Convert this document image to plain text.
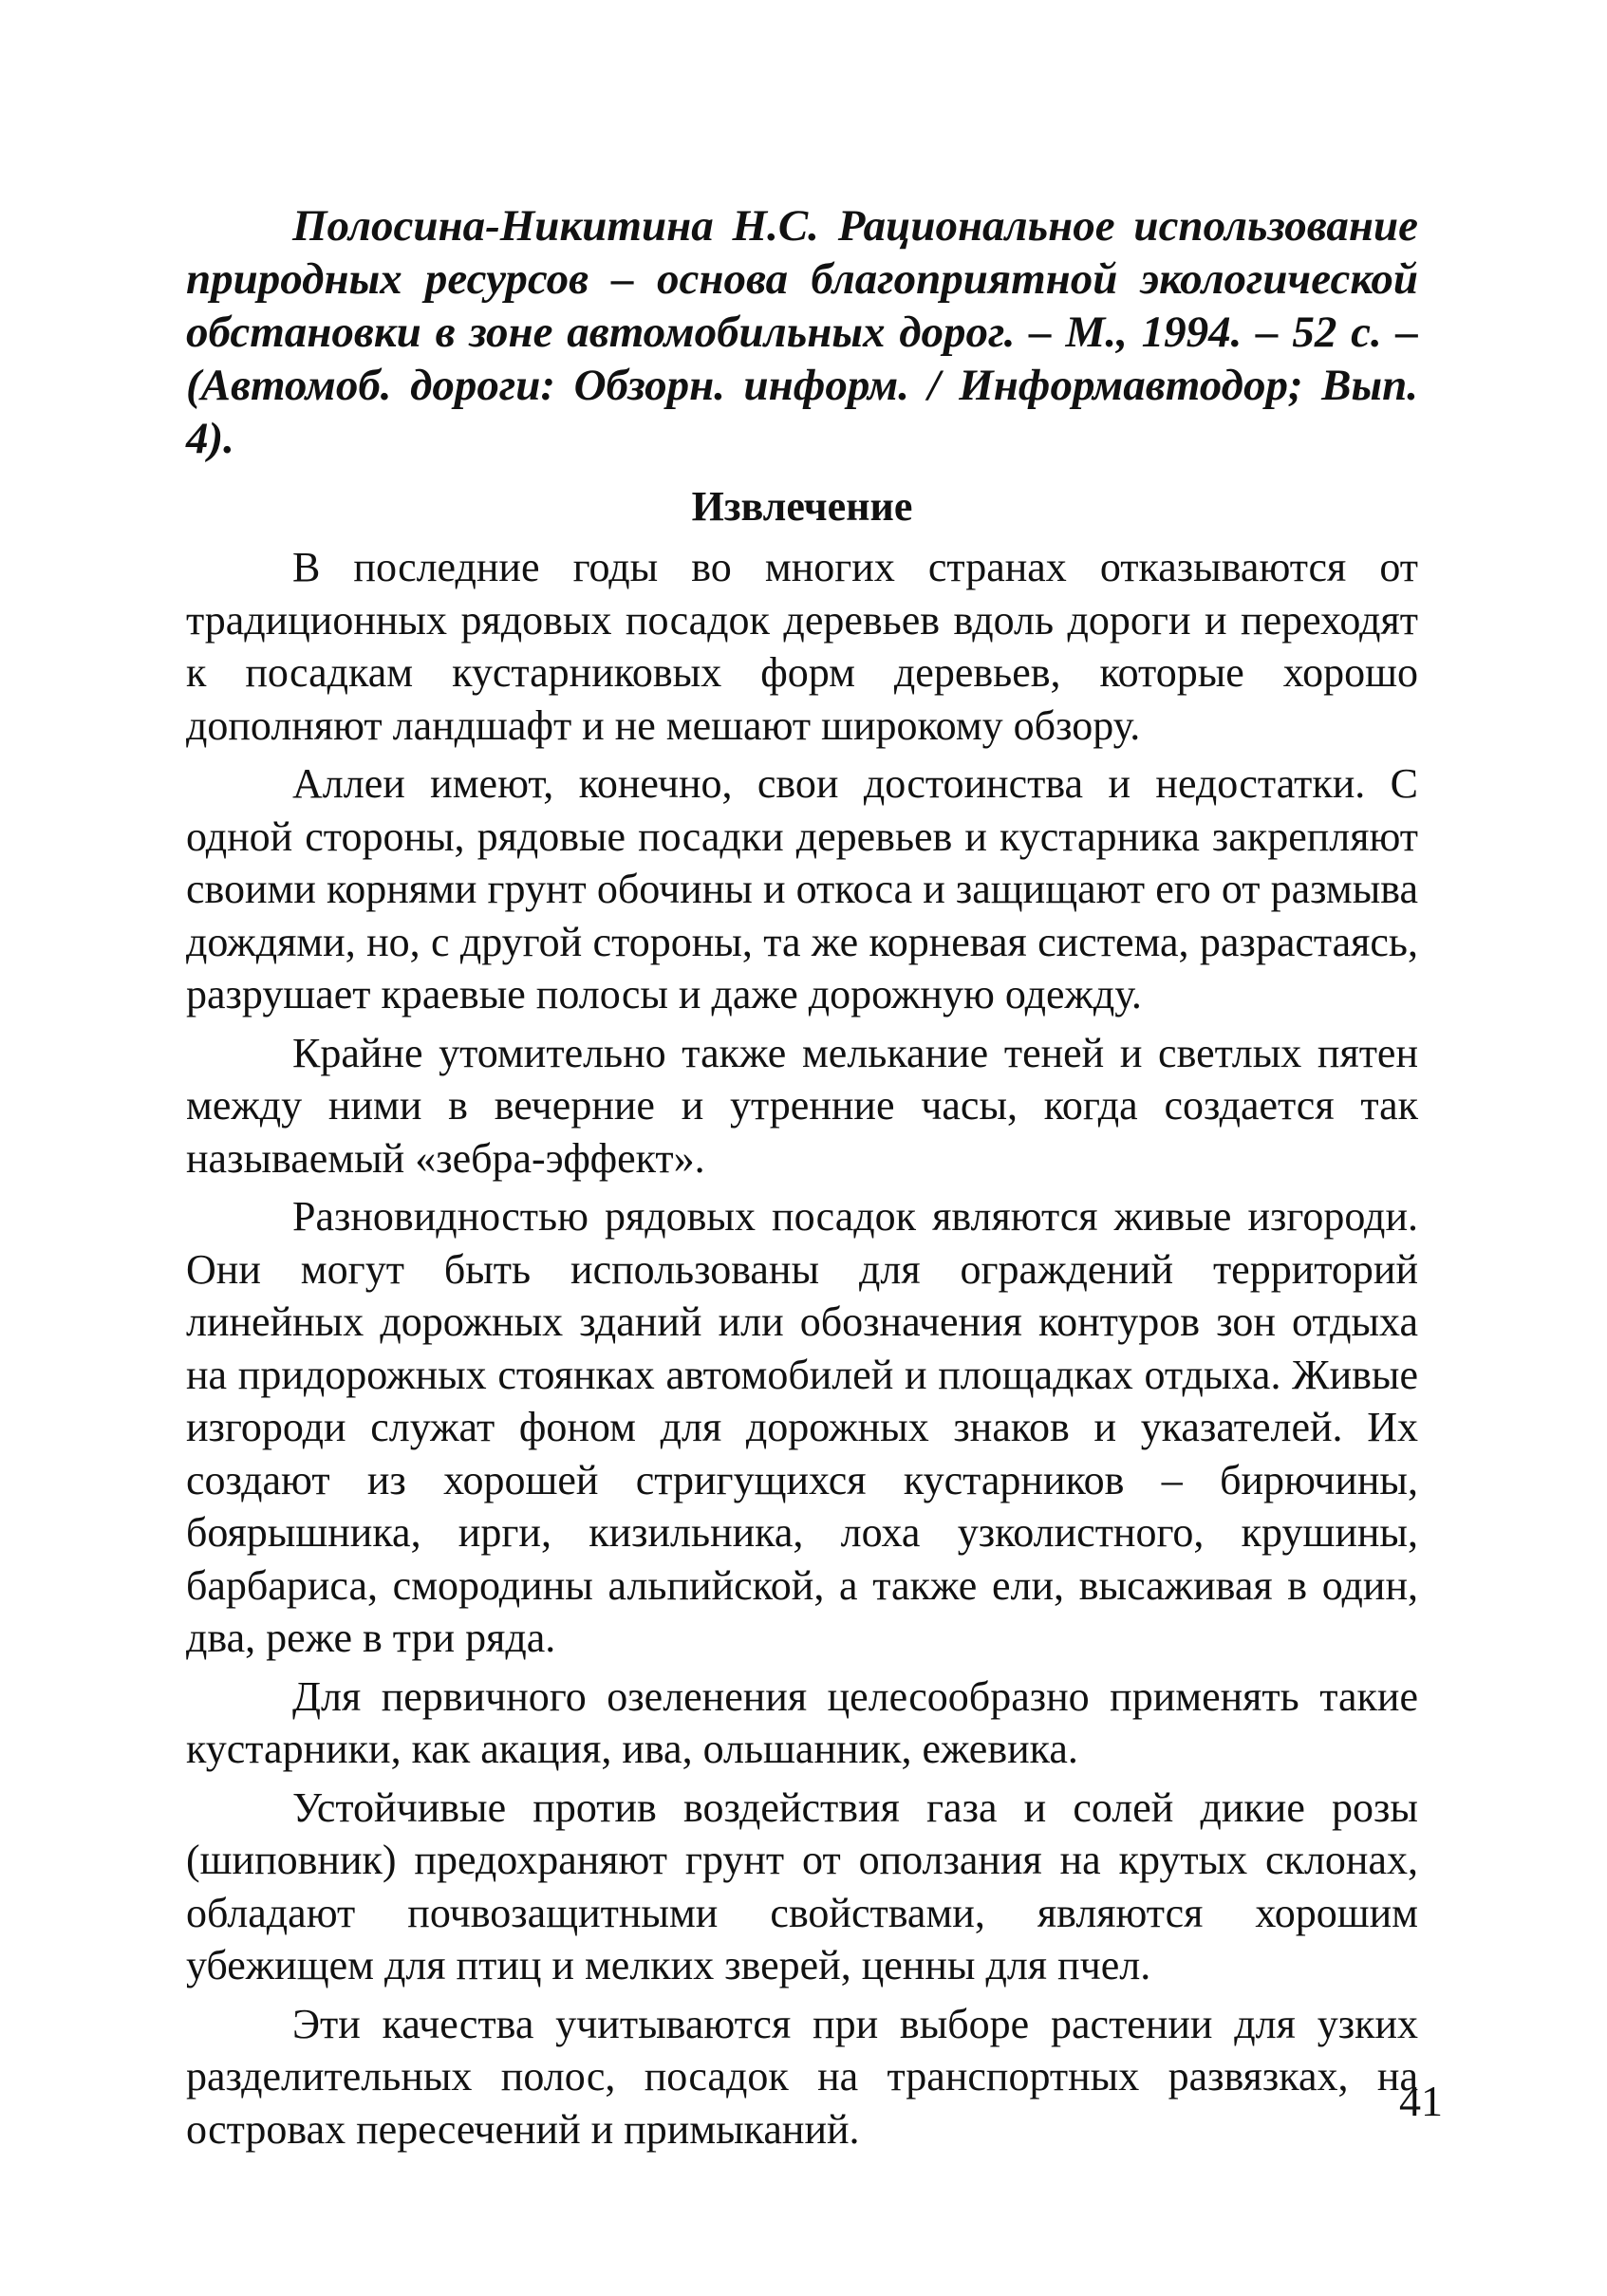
Полосина-Никитина Н.С. Рациональное использование природных ресурсов – основа благоприятной экологической обстановки в зоне автомобильных дорог. – М., 1994. – 52 с. – (Автомоб. дороги: Обзорн. информ. / Информавтодор; Вып. 4).

Извлечение

В последние годы во многих странах отказываются от традиционных рядовых посадок деревьев вдоль дороги и переходят к посадкам кустарниковых форм деревьев, которые хорошо дополняют ландшафт и не мешают широкому обзору.

Аллеи имеют, конечно, свои достоинства и недостатки. С одной стороны, рядовые посадки деревьев и кустарника закрепляют своими корнями грунт обочины и откоса и защищают его от размыва дождями, но, с другой стороны, та же корневая система, разрастаясь, разрушает краевые полосы и даже дорожную одежду.

Крайне утомительно также мелькание теней и светлых пятен между ними в вечерние и утренние часы, когда создается так называемый «зебра-эффект».

Разновидностью рядовых посадок являются живые изгороди. Они могут быть использованы для ограждений территорий линейных дорожных зданий или обозначения контуров зон отдыха на придорожных стоянках автомобилей и площадках отдыха. Живые изгороди служат фоном для дорожных знаков и указателей. Их создают из хорошей стригущихся кустарников – бирючины, боярышника, ирги, кизильника, лоха узколистного, крушины, барбариса, смородины альпийской, а также ели, высаживая в один, два, реже в три ряда.

Для первичного озеленения целесообразно применять такие кустарники, как акация, ива, ольшанник, ежевика.

Устойчивые против воздействия газа и солей дикие розы (шиповник) предохраняют грунт от оползания на крутых склонах, обладают почвозащитными свойствами, являются хорошим убежищем для птиц и мелких зверей, ценны для пчел.

Эти качества учитываются при выборе растении для узких разделительных полос, посадок на транспортных развязках, на островах пересечений и примыканий.

41
